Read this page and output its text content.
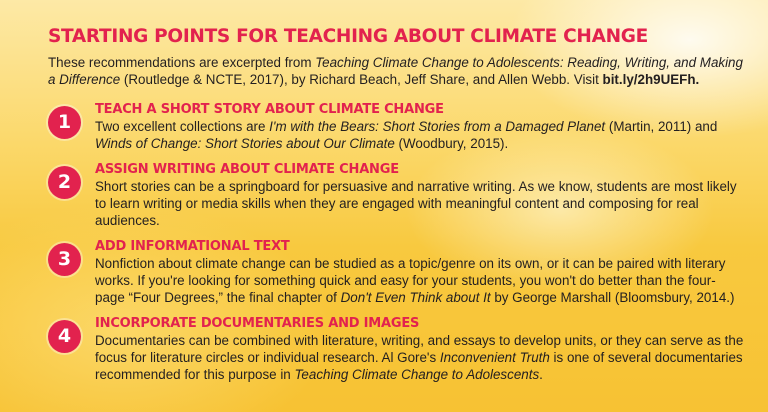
STARTING POINTS FOR TEACHING ABOUT CLIMATE CHANGE

These recommendations are excerpted from Teaching Climate Change to Adolescents: Reading, Writing, and Making a Difference (Routledge & NCTE, 2017), by Richard Beach, Jeff Share, and Allen Webb. Visit bit.ly/2h9UEFh.

1
TEACH A SHORT STORY ABOUT CLIMATE CHANGE

Two excellent collections are I'm with the Bears: Short Stories from a Damaged Planet (Martin, 2011) and Winds of Change: Short Stories about Our Climate (Woodbury, 2015).

2
ASSIGN WRITING ABOUT CLIMATE CHANGE

Short stories can be a springboard for persuasive and narrative writing. As we know, students are most likely to learn writing or media skills when they are engaged with meaningful content and composing for real audiences.

3
ADD INFORMATIONAL TEXT

Nonfiction about climate change can be studied as a topic/genre on its own, or it can be paired with literary works. If you're looking for something quick and easy for your students, you won't do better than the four-page “Four Degrees,” the final chapter of Don't Even Think about It by George Marshall (Bloomsbury, 2014.)

4
INCORPORATE DOCUMENTARIES AND IMAGES

Documentaries can be combined with literature, writing, and essays to develop units, or they can serve as the focus for literature circles or individual research. Al Gore's Inconvenient Truth is one of several documentaries recommended for this purpose in Teaching Climate Change to Adolescents.
